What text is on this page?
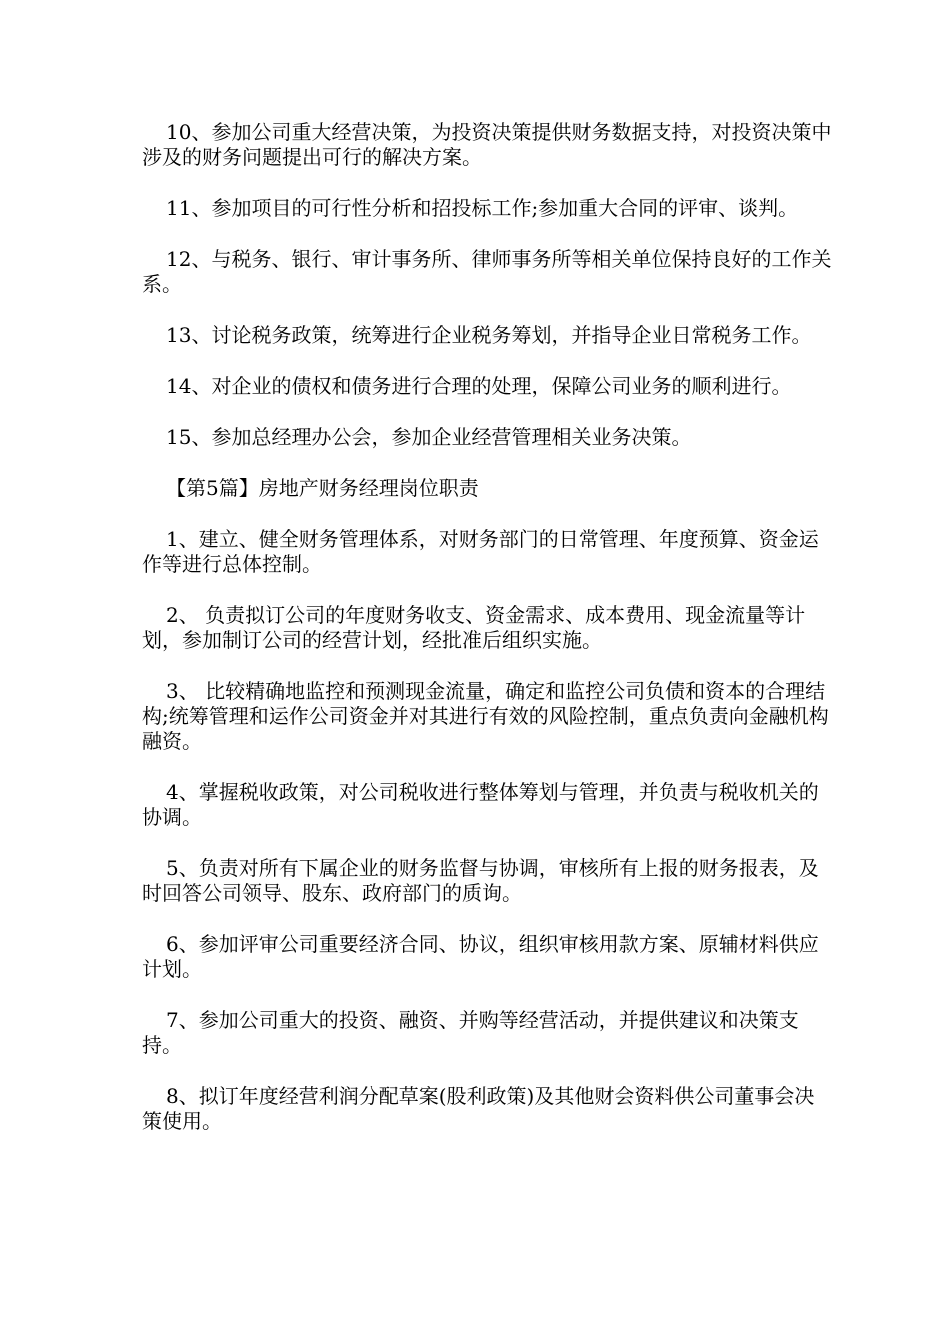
10、参加公司重大经营决策，为投资决策提供财务数据支持，对投资决策中涉及的财务问题提出可行的解决方案。

11、参加项目的可行性分析和招投标工作;参加重大合同的评审、谈判。

12、与税务、银行、审计事务所、律师事务所等相关单位保持良好的工作关系。

13、讨论税务政策，统筹进行企业税务筹划，并指导企业日常税务工作。

14、对企业的债权和债务进行合理的处理，保障公司业务的顺利进行。

15、参加总经理办公会，参加企业经营管理相关业务决策。

【第5篇】房地产财务经理岗位职责

1、建立、健全财务管理体系，对财务部门的日常管理、年度预算、资金运作等进行总体控制。

2、 负责拟订公司的年度财务收支、资金需求、成本费用、现金流量等计划，参加制订公司的经营计划，经批准后组织实施。

3、 比较精确地监控和预测现金流量，确定和监控公司负债和资本的合理结构;统筹管理和运作公司资金并对其进行有效的风险控制，重点负责向金融机构融资。

4、掌握税收政策，对公司税收进行整体筹划与管理，并负责与税收机关的协调。

5、负责对所有下属企业的财务监督与协调，审核所有上报的财务报表，及时回答公司领导、股东、政府部门的质询。

6、参加评审公司重要经济合同、协议，组织审核用款方案、原辅材料供应计划。

7、参加公司重大的投资、融资、并购等经营活动，并提供建议和决策支持。

8、拟订年度经营利润分配草案(股利政策)及其他财会资料供公司董事会决策使用。
